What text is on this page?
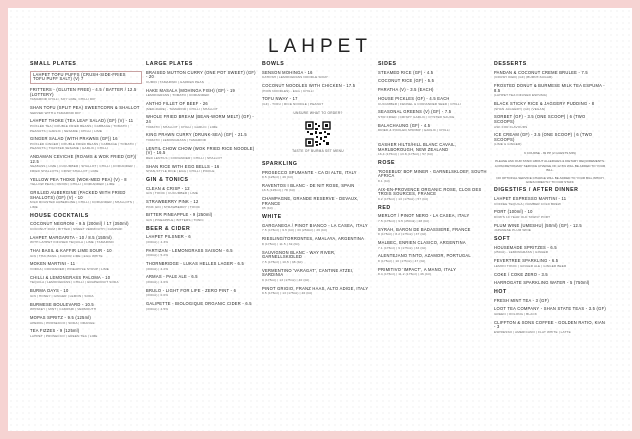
LAHPET
SMALL PLATES
LAHPET TOFU PUFFS (CRUSH-SIDE-FRIES TOFU PUFF SALT) (V) 7
FRITTERS - (GLUTEN FREE) - 4.5 / BATTER / 12.5 (LOTTERY)
TAMARIND CHILLI, SOY LIME, CHILLI DIP
SHAN TOFU (SPLIT PEA) SWEETCORN & SHALLOT
SERVED WITH A TAMARIND DIP
LAHPET THOKE (TEA LEAF SALAD) (GF) (V) - 11
PICKLED TEA | DOUBLE FRIED BEANS | CABBAGE | TOMATO | PEANUTS | GARLIC | SESAME | CHILLI | LIME
GINGER SALAD (WITH PRAWNS (GF)) 16
PICKLED GINGER | DOUBLE FRIED BEANS | CABBAGE | TOMATO | PEANUTS | TOASTED SESAME | GARLIC | CHILLI
ANDAMAN CEVICHE (ROAMS & WOK FRIED (GF)) 12.5
SEABASS | LIME | CUCUMBER | SHALLOT | CHILLI | CORIANDER | FRIED SHALLOTS | CRISP SHALLOT | LIME
YELLOW PEA THOKE (WOK-MED PEA) (V) - 8
YELLOW PEAS | ONION | CHILLI | CORIANDER | LIME
GRILLED AUBERGINE (PACKED WITH FRIED SHALLOTS) (GF) (V) - 10
MILD ROASTED AUBERGINE | CHILLI | CORIANDER | SHALLOTS | LIME
HOUSE COCKTAILS
COCONUT NEGRONI - 9.5 (200ml) / 17 (350ml)
COCONUT RUM | BITTER | SWEET VERMOUTH | CAMPARI
LAHPET MARGARITA - 10 / 8.5 (150ml)
WITH LAHPET INFUSED TEQUILA | LIME | TAMARIND
THAI BASIL & KAFFIR LIME SOUR - 10
GIN | THAI BASIL | KAFFIR LIME | EGG WHITE
MOKEN MARTINI - 11
VODKA | CORIANDER | PINEAPPLE SYRUP | LIME
CHILLI & LEMONGRASS PALOMA - 10
TEQUILA | LEMONGRASS | CHILLI | GRAPEFRUIT SODA
BURMA DAYS - 10
GIN | HONEY | GINGER | LEMON | SODA
BURMESE BOULEVARD - 10.5
WHISKEY | MINT | CAMPARI | VERMOUTH
MOPAS SPRITZ - 9.5 (125ml)
APEROL | PROSECCO | SODA | ORANGE
TEA FIZZES - 9 (125ml)
LAHPET | PROSECCO | GREEN TEA | LIME
LARGE PLATES
BRAISED MUTTON CURRY (ONE POT SWEET) (GF) - 20
CUMIN | TAMARIND | GARDEN PEAS
HAKE MASALA (MOHINGA FISH) (GF) - 19
LEMONGRASS | TOMATO | CORIANDER
ANTHO FILLET OF BEEF - 26
(MED-RARE) - TAMARIND | CHILLI | SHALLOT
WHOLE FRIED BREAM (BEAN-WORM MELT) (GF) - 24
TOMATO | SHALLOT | CHILLI | GARLIC | LIME
KING PRAWN CURRY (DRUNK-SEA) (GF) - 21.5
TOMATO | LEMONGRASS | TAMARIND
LENTIL CHOW CHOW (WOK FRIED RICE NOODLE) (V) - 16.5
RED LENTILS | CORIANDER | CHILLI | SHALLOT
SHAN RICE WITH EGG BELLS - 16
SHAN-STYLE RICE | EGG | CHILLI | PICKLE
GIN & TONICS
CLEAN & CRISP - 12
GIN | TONIC | CUCUMBER | LIME
STRAWBERRY PINK - 12
PINK GIN | STRAWBERRY | TONIC
BITTER PINEAPPLE - 9 (250ml)
GIN | PINEAPPLE | BITTERS | TONIC
BEER & CIDER
LAHPET PILSNER - 6
(330ml) | 4.3%
PARTIZAN - LEMONGRASS SAISON - 6.5
(330ml) | 5.2%
THORNBRIDGE - LUKAS HELLES LAGER - 6.5
(330ml) | 4.2%
ARMAS - PALE ALE - 6.5
(330ml) | 4.6%
BRULO - LIGHT FOR LIFE - ZERO PINT - 6
(330ml) | 0.0%
GALIPETTE - BIOLOGIQUE ORGANIC CIDER - 6.5
(330ml) | 4.5%
BOWLS
SENSON MOHINGA - 16
CATFISH | LEMONGRASS NOODLE SOUP
COCONUT NOODLES WITH CHICKEN - 17.5
(HOW NOODLES) - EGG | CHILLI
TOFU NWAY - 17
(GF) - TOFU | RICE NOODLE | PEANUT
UNSURE WHAT TO ORDER?
TASTE OF BURMA SET MENU
SPARKLING
PROSECCO SPUMANTE - CA DI ALTE, ITALY
8.5 (125ml) | 49 (btl)
RAVENTOS I BLANC - DE NIT ROSE, SPAIN
16.5 (125ml) | 78 (btl)
CHAMPAGNE, GRANDE RESERVE - DEVAUX, FRANCE
85 (btl)
WHITE
GARGANEGA / PINOT BIANCO - LA CASEA, ITALY
7.5 (175ml) | 9.5 (btl) | 33 (250ml) | 26 (btl)
RIESLING/TORRONTES, AMALAYA, ARGENTINA
8 (175ml) | 11.5 | 32 (btl)
SAUVIGNON BLANC - WAY RIVER, GARNELLSKIDLED
7.5 (175ml) | 10.5 | 38 (btl)
VERMENTINO 'VARAGAT', CANTINE ATZEI, SARDINIA
9 (175ml) | 13 (175ml) | 40 (btl)
PINOT GRIGIO, FRANZ HAAS, ALTO ADIGE, ITALY
9.5 (175ml) | 13 (175ml) | 46 (btl)
SIDES
STEAMED RICE (GF) - 4.5
COCONUT RICE (GF) - 5.5
PARATHA (V) - 3.5 (EACH)
HOUSE PICKLES (GF) - 4.5 EACH
CUCUMBER | FENNEL & CORIANDER SEED | CHILLI
SEASONAL GREENS (V) (GF) - 7.5
STIR FRIED | CRISPY GARLIC | OYSTER SAUCE
BALACHAUNG (GF) - 4.5
DRIED & PICKLED SHRIMP | GARLIC | CHILLI
GASHER HILTS/HILL BLANC CAVAIL, MARLBOROUGH, NEW ZEALAND
16.4 (175ml) | 13.8 (175ml) | 57 (btl)
ROSE
'ROSEBUD' BOF MINER - GARNELSKLOEF, SOUTH AFRICA
8.1 (btl)
AIX-EN-PROVENCE ORGANIC ROSE, CLOS DES TROIS SOURCES, FRANCE
9.2 (175ml) | 13 (175ml) | 57 (btl)
RED
MERLOT / PINOT NERO - LA CASEA, ITALY
7.5 (175ml) | 9.5 (250ml) | 28 (btl)
SYRAH, BARON DE BADASSIERE, FRANCE
8 (175ml) | 8.2 (175ml) | 37 (btl)
MALBEC, ENRIEN CLASICO, ARGENTINA
7.1 (175ml) | 9 (175ml) | 33 (btl)
ALENTEJANO TINTO, AZAMOR, PORTUGAL
8 (175ml) | 10 (175ml) | 47 (btl)
PRIMITIVO 'IMPACT', A MANO, ITALY
8.4 (175ml) | 11.2 (175ml) | 46 (btl)
DESSERTS
PANDAN & COCONUT CREME BRULEE - 7.5
(CRUSH ICED) (GF) (BURNT-SUGAR)
FROSTED DONUT & BURMESE MILK TEA ESPUMA - 8.5
(LAHPET TEA INFUSED ESPUMA)
BLACK STICKY RICE & JAGGERY PUDDING - 8
(SHAN JAGGERY) (GF) (VEGAN)
SORBET (GF) - 3.5 (ONE SCOOP) | 6 (TWO SCOOPS)
ASK FOR FLAVOURS
ICE CREAM (GF) - 3.5 (ONE SCOOP) | 6 (TWO SCOOPS)
(LIME & GINGER)
6 COURSE - 39 PP (2 GUESTS MIN)
PLEASE ASK OUR STAFF ABOUT ALLERGIES & DIETARY REQUIREMENTS. A DISCRETIONARY SERVICE CHARGE OF 12.5% WILL BE ADDED TO YOUR BILL.
NO OPTIONAL SERVICE CHARGE WILL BE ADDED TO YOUR BILL WHICH GOES DIRECTLY TO OUR STAFF.
DIGESTIFS / AFTER DINNER
LAHPET ESPRESSO MARTINI - 11
COFFEE TEQUILA | NUMBER COLD BREW
PORT (100ml) - 10
DOW'S 10 YEAR OLD TAWNY PORT
PLUM WINE (UMESHU) (50ml) (GF) - 12.5
JAPANESE PLUM WINE
SOFT
HOUSEMADE SPRITZES - 6.5
(250ml) - LEMONGRASS | GINGER
FEVERTREE SPARKLING - 6.5
LEMON TONIC | GINGER ALE | GINGER BEER
COKE / COKE ZERO - 3.5
HARROGATE SPARKLING WATER - 5 (750ml)
HOT
FRESH MINT TEA - 3 (GF)
LOOT TEA COMPANY - SHAN STATE TEAS - 3.5 (GF)
GREEN | OOLONG | BLACK
CLIFFTON & SONS COFFEE - GOLDEN RATIO, KIAN - 3
ESPRESSO | AMERICANO | FLAT WHITE | LATTE
